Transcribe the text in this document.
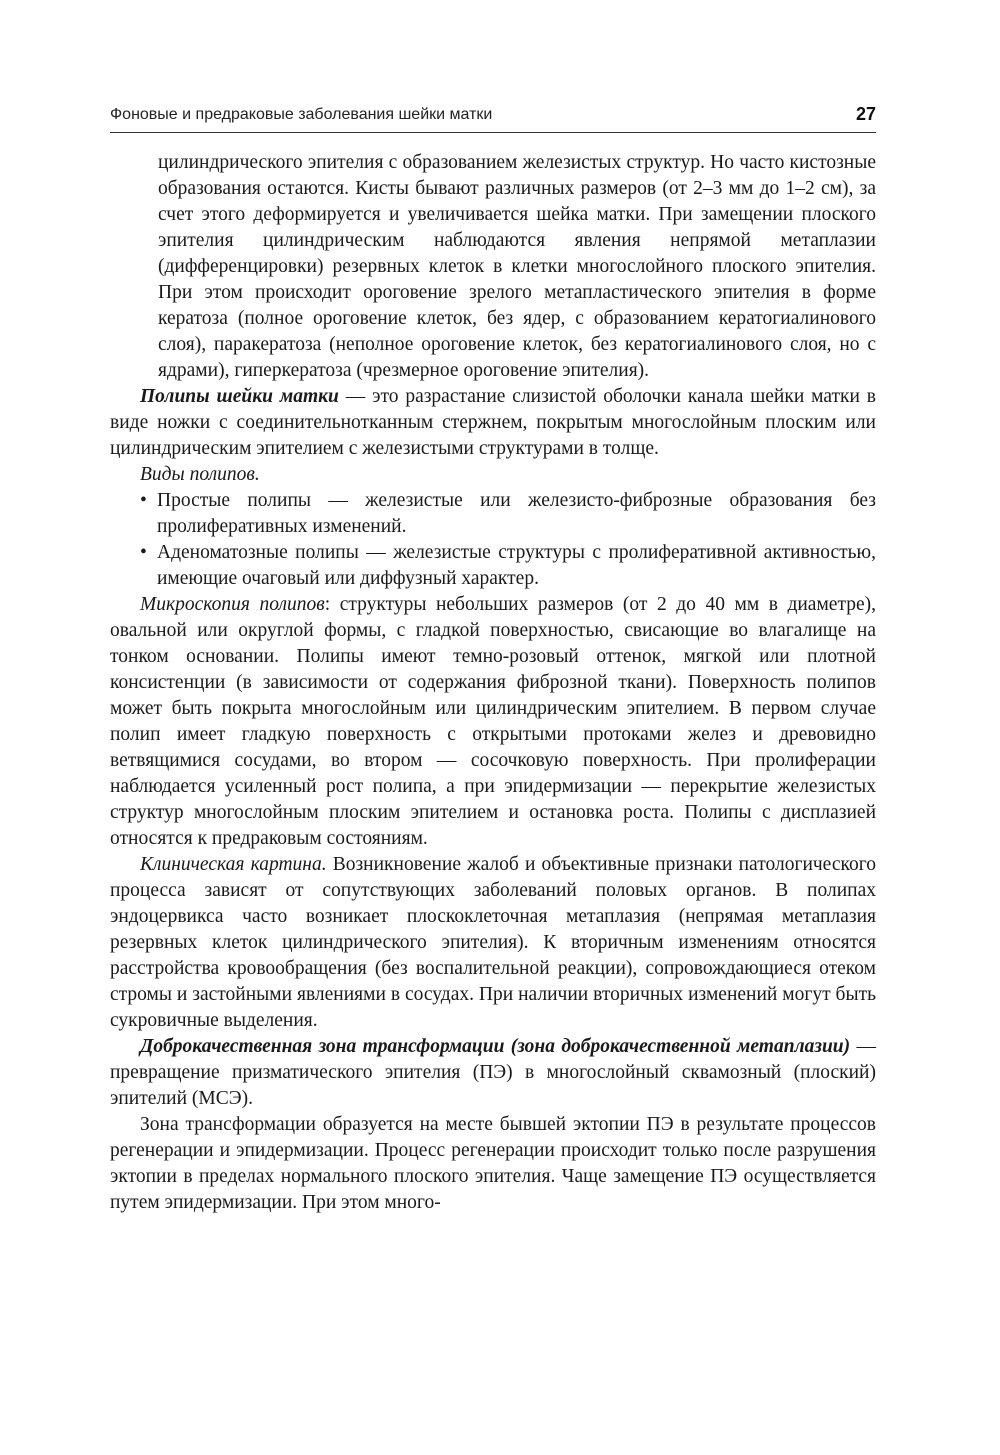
Фоновые и предраковые заболевания шейки матки	27

цилиндрического эпителия с образованием железистых структур. Но часто кистозные образования остаются. Кисты бывают различных размеров (от 2–3 мм до 1–2 см), за счет этого деформируется и увеличивается шейка матки. При замещении плоского эпителия цилиндрическим наблюдаются явления непрямой метаплазии (дифференцировки) резервных клеток в клетки многослойного плоского эпителия. При этом происходит ороговение зрелого метапластического эпителия в форме кератоза (полное ороговение клеток, без ядер, с образованием кератогиалинового слоя), паракератоза (неполное ороговение клеток, без кератогиалинового слоя, но с ядрами), гиперкератоза (чрезмерное ороговение эпителия).

Полипы шейки матки — это разрастание слизистой оболочки канала шейки матки в виде ножки с соединительнотканным стержнем, покрытым многослойным плоским или цилиндрическим эпителием с железистыми структурами в толще.

Виды полипов.

• Простые полипы — железистые или железисто-фиброзные образования без пролиферативных изменений.
• Аденоматозные полипы — железистые структуры с пролиферативной активностью, имеющие очаговый или диффузный характер.

Микроскопия полипов: структуры небольших размеров (от 2 до 40 мм в диаметре), овальной или округлой формы, с гладкой поверхностью, свисающие во влагалище на тонком основании. Полипы имеют темно-розовый оттенок, мягкой или плотной консистенции (в зависимости от содержания фиброзной ткани). Поверхность полипов может быть покрыта многослойным или цилиндрическим эпителием. В первом случае полип имеет гладкую поверхность с открытыми протоками желез и древовидно ветвящимися сосудами, во втором — сосочковую поверхность. При пролиферации наблюдается усиленный рост полипа, а при эпидермизации — перекрытие железистых структур многослойным плоским эпителием и остановка роста. Полипы с дисплазией относятся к предраковым состояниям.

Клиническая картина. Возникновение жалоб и объективные признаки патологического процесса зависят от сопутствующих заболеваний половых органов. В полипах эндоцервикса часто возникает плоскоклеточная метаплазия (непрямая метаплазия резервных клеток цилиндрического эпителия). К вторичным изменениям относятся расстройства кровообращения (без воспалительной реакции), сопровождающиеся отеком стромы и застойными явлениями в сосудах. При наличии вторичных изменений могут быть сукровичные выделения.

Доброкачественная зона трансформации (зона доброкачественной метаплазии) — превращение призматического эпителия (ПЭ) в многослойный сквамозный (плоский) эпителий (МСЭ).

Зона трансформации образуется на месте бывшей эктопии ПЭ в результате процессов регенерации и эпидермизации. Процесс регенерации происходит только после разрушения эктопии в пределах нормального плоского эпителия. Чаще замещение ПЭ осуществляется путем эпидермизации. При этом много-
